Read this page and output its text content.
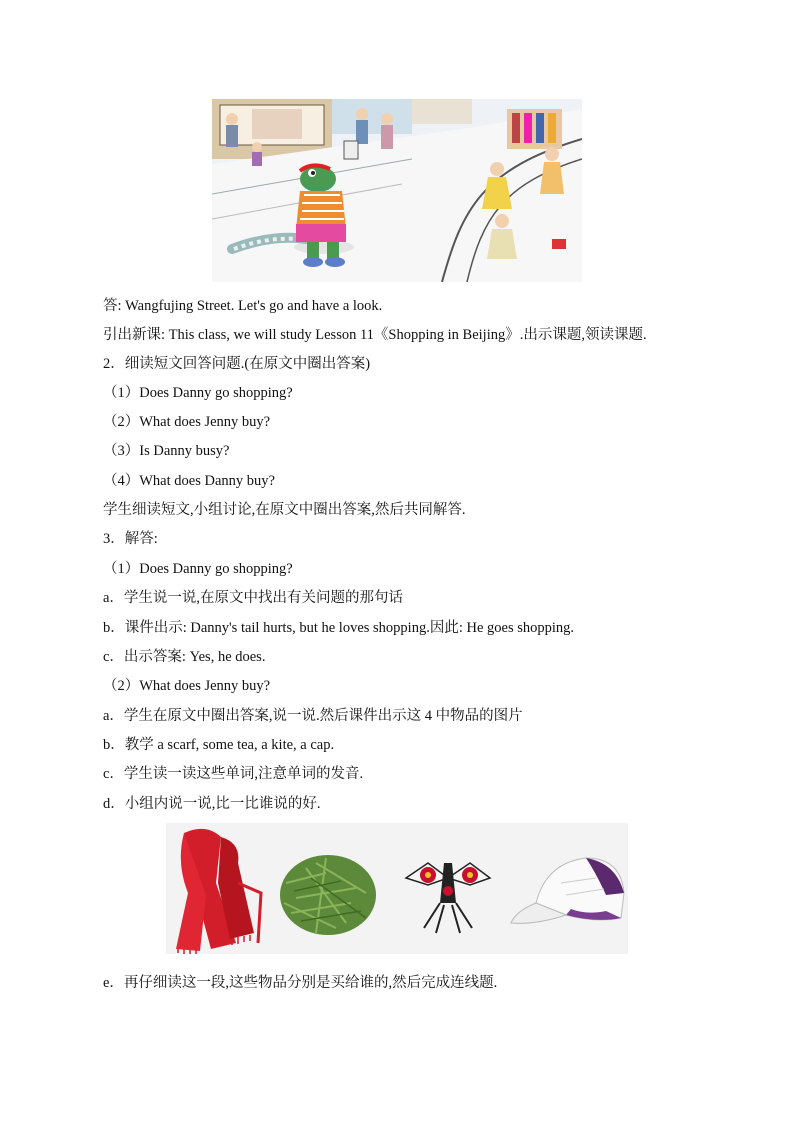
答: Wangfujing Street. Let's go and have a look.
引出新课: This class, we will study Lesson 11《Shopping in Beijing》.出示课题,领读课题.
2．细读短文回答问题.(在原文中圈出答案)
（1）Does Danny go shopping?
（2）What does Jenny buy?
（3）Is Danny busy?
（4）What does Danny buy?
学生细读短文,小组讨论,在原文中圈出答案,然后共同解答.
3．解答:
（1）Does Danny go shopping?
a．学生说一说,在原文中找出有关问题的那句话
b．课件出示: Danny's tail hurts, but he loves shopping.因此: He goes shopping.
c．出示答案: Yes, he does.
（2）What does Jenny buy?
a．学生在原文中圈出答案,说一说.然后课件出示这 4 中物品的图片
b．教学 a scarf, some tea, a kite, a cap.
c．学生读一读这些单词,注意单词的发音.
d．小组内说一说,比一比谁说的好.
e．再仔细读这一段,这些物品分别是买给谁的,然后完成连线题.
